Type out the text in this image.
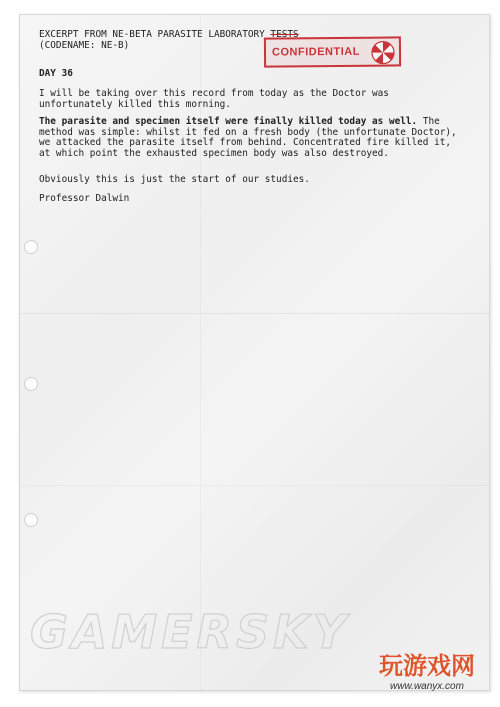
EXCERPT FROM NE-BETA PARASITE LABORATORY TESTS
(CODENAME: NE-B)
CONFIDENTIAL

DAY 36

I will be taking over this record from today as the Doctor was unfortunately killed this morning.

The parasite and specimen itself were finally killed today as well. The method was simple: whilst it fed on a fresh body (the unfortunate Doctor), we attacked the parasite itself from behind. Concentrated fire killed it, at which point the exhausted specimen body was also destroyed.

Obviously this is just the start of our studies.

Professor Dalwin

GAMERSKY
玩游戏网
www.wanyx.com
